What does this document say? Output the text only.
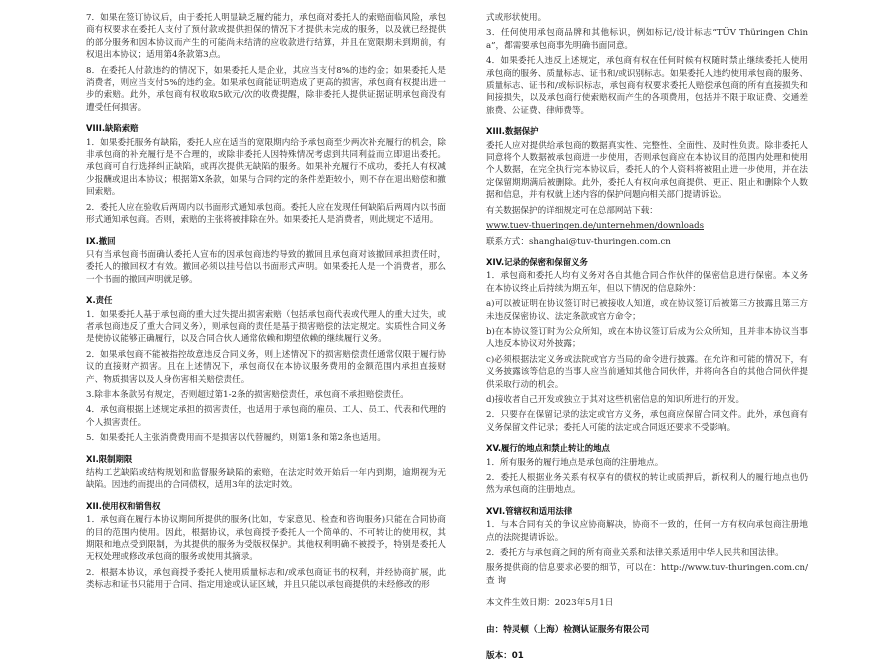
7．如果在签订协议后，由于委托人明显缺乏履约能力，承包商对委托人的索赔面临风险，承包商有权要求在委托人支付了预付款或提供担保的情况下才提供未完成的服务，以及就已经提供的部分服务和因本协议而产生的可能尚未结清的应收款进行结算，并且在宽限期未到期前，有权退出本协议；适用第4条款第3点。

8．在委托人付款违约的情况下，如果委托人是企业，其应当支付8%的违约金；如果委托人是消费者，则应当支付5%的违约金。如果承包商能证明造成了更高的损害，承包商有权提出进一步的索赔。此外，承包商有权收取5欧元/次的收费提醒，除非委托人提供证据证明承包商没有遭受任何损害。

VIII.缺陷索赔

1．如果委托服务有缺陷，委托人应在适当的宽限期内给予承包商至少两次补充履行的机会，除非承包商的补充履行是不合理的，或除非委托人因特殊情况考虑到共同利益而立即退出委托。承包商可自行选择纠正缺陷，或再次提供无缺陷的服务。如果补充履行不成功，委托人有权减少报酬或退出本协议；根据第X条款，如果与合同约定的条件差距较小，则不存在退出赔偿和撤回索赔。

2．委托人应在验收后两周内以书面形式通知承包商。委托人应在发现任何缺陷后两周内以书面形式通知承包商。否则，索赔的主张将被排除在外。如果委托人是消费者，则此规定不适用。

IX.撤回

只有当承包商书面确认委托人宣布的因承包商违约导致的撤回且承包商对该撤回承担责任时，委托人的撤回权才有效。撤回必须以挂号信以书面形式声明。如果委托人是一个消费者，那么一个书面的撤回声明就足够。

X.责任

1．如果委托人基于承包商的重大过失提出损害索赔（包括承包商代表或代理人的重大过失，或者承包商违反了重大合同义务），则承包商的责任是基于损害赔偿的法定规定。实质性合同义务是使协议能够正确履行，以及合同合伙人通常依赖和期望依赖的继续履行义务。

2．如果承包商不能被指控故意违反合同义务，则上述情况下的损害赔偿责任通常仅限于履行协议的直接财产损害。且在上述情况下，承包商仅在本协议服务费用的金额范围内承担直接财产、物质损害以及人身伤害相关赔偿责任。

3.除非本条款另有规定，否则超过第1-2条的损害赔偿责任，承包商不承担赔偿责任。

4．承包商根据上述规定承担的损害责任，也适用于承包商的雇员、工人、员工、代表和代理的个人损害责任。

5．如果委托人主张消费费用而不是损害以代替履约，则第1条和第2条也适用。

XI.限制期限

结构工艺缺陷或结构规划和监督服务缺陷的索赔，在法定时效开始后一年内到期，逾期视为无缺陷。因违约而提出的合同债权，适用3年的法定时效。

XII.使用权和销售权

1．承包商在履行本协议期间所提供的服务(比如，专家意见、检查和咨询服务)只能在合同协商的目的范围内使用。因此，根据协议，承包商授予委托人一个简单的、不可转让的使用权，其期限和地点受到限制，为其提供的服务为受版权保护。其他权利明确不被授予，特别是委托人无权处理或修改承包商的服务或使用其摘录。

2．根据本协议，承包商授予委托人使用质量标志和/或承包商证书的权利，并经协商扩展，此类标志和证书只能用于合同、指定用途或认证区域，并且只能以承包商提供的未经修改的形

式或形状使用。

3．任何使用承包商品牌和其他标识，例如标记/设计标志“TÜV Thüringen China”，都需要承包商事先明确书面同意。

4．如果委托人违反上述规定，承包商有权在任何时候有权随时禁止继续委托人使用承包商的服务、质量标志、证书和/或识别标志。如果委托人违约使用承包商的服务、质量标志、证书和/或标识标志，承包商有权要求委托人赔偿承包商的所有直接损失和间接损失，以及承包商行使索赔权而产生的各项费用，包括并不限于取证费、交通差旅费、公证费、律师费等。

XIII.数据保护

委托人应对提供给承包商的数据真实性、完整性、全面性、及时性负责。除非委托人同意将个人数据被承包商进一步使用，否则承包商应在本协议目的范围内处理和使用个人数据，在完全执行完本协议后，委托人的个人资料将被阻止进一步使用，并在法定保留期期满后被删除。此外，委托人有权向承包商提供、更正、阻止和删除个人数据和信息，并有权就上述内容的保护问题向相关部门提请诉讼。

有关数据保护的详细规定可在总部网站下载：

www.tuev-thueringen.de/unternehmen/downloads

联系方式：shanghai@tuv-thuringen.com.cn

XIV.记录的保密和保留义务

1．承包商和委托人均有义务对各自其他合同合作伙伴的保密信息进行保密。本义务在本协议终止后持续为期五年，但以下情况的信息除外：

a)可以被证明在协议签订时已被接收人知道，或在协议签订后被第三方披露且第三方未违反保密协议、法定条款或官方命令；

b)在本协议签订时为公众所知，或在本协议签订后成为公众所知，且并非本协议当事人违反本协议对外披露；

c)必须根据法定义务或法院或官方当局的命令进行披露。在允许和可能的情况下，有义务披露该等信息的当事人应当前通知其他合同伙伴，并将向各自的其他合同伙伴提供采取行动的机会。

d)接收者自己开发或独立于其对这些机密信息的知识所进行的开发。

2．只要存在保留记录的法定或官方义务，承包商应保留合同文件。此外，承包商有义务保留文件记录；委托人可能的法定或合同返还要求不受影响。

XV.履行的地点和禁止转让的地点

1．所有服务的履行地点是承包商的注册地点。

2．委托人根据业务关系有权享有的债权的转让或质押后，新权利人的履行地点也仍然为承包商的注册地点。

XVI.管辖权和适用法律

1．与本合同有关的争议应协商解决，协商不一致的，任何一方有权向承包商注册地点的法院提请诉讼。

2．委托方与承包商之间的所有商业关系和法律关系适用中华人民共和国法律。

服务提供商的信息要求必要的细节，可以在：http://www.tuv-thuringen.com.cn/查 询

本文件生效日期：2023年5月1日

由：特灵顿（上海）检测认证服务有限公司

版本：01
